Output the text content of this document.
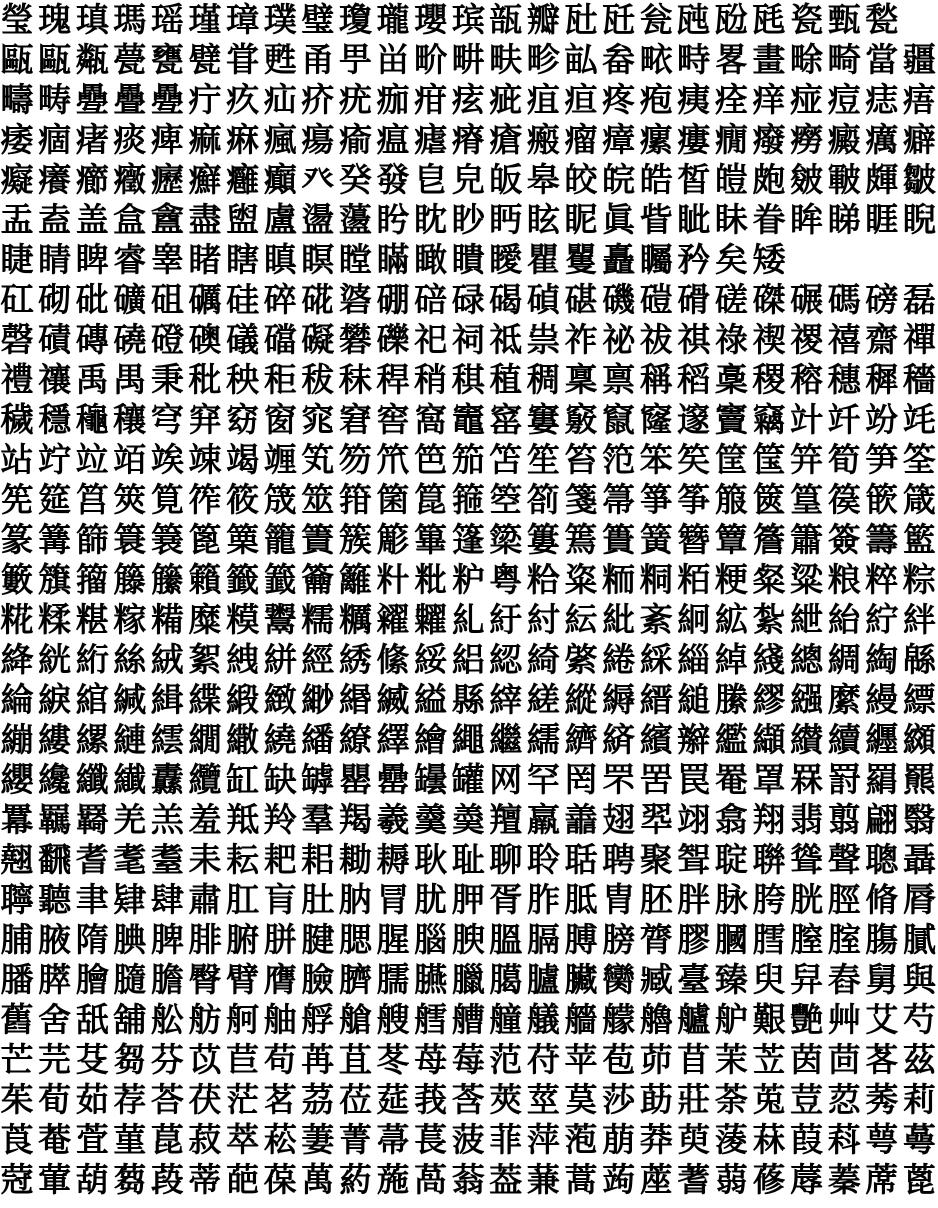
瑩 瑰 瑱 瑪 瑶 瑾 璋 璞 璧 瓊 瓏 瓔 瑸 瓿 瓣 瓧 瓩 瓮 瓲 瓰 瓱 瓷 甄 甃
甌 甌 甐 甍 甕 甓 甞 甦 甬 甼 畄 畍 畊 畉 畛 畆 畚 畩 畤 畧 畫 畭 畸 當 疆
疇 畴 疉 疊 疉 疔 疚 疝 疥 疣 痂 疳 痃 疵 疽 疸 疼 疱 痍 痊 痒 痖 痘 痣 痦
痿 痼 瘏 痰 痺 痲 痳 瘋 瘍 瘉 瘟 瘧 瘠 瘡 瘢 瘤 瘴 瘰 瘻 癇 癈 癆 癜 癘 癖
癡 癢 癤 癥 癧 癬 癰 癲 癶 癸 發 皀 皃 皈 皋 皎 皖 皓 皙 皚 皰 皴 皸 皹 皺
盂 盍 盖 盒 盦 盡 盥 盧 盪 蘯 盻 眈 眇 眄 眩 眤 眞 眥 眦 眛 眷 眸 睇 睚 睨
睫 睛 睥 睿 睾 睹 瞎 瞋 瞑 瞠 瞞 瞰 瞶 瞹 瞿 矍 矗 矚 矜 矣 矮
矼 砌 砒 礦 砠 礪 硅 碎 硴 碆 硼 碚 碌 碣 碵 碪 磯 磑 磆 磋 磔 碾 碼 磅 磊
磬 磧 磚 磽 磴 礇 礒 礑 礙 礬 礫 祀 祠 祗 祟 祚 祕 祓 祺 祿 禊 禝 禧 齋 禪
禮 禳 禹 禺 秉 秕 秧 秬 秡 秣 稈 稍 稘 稙 稠 稟 禀 稱 稻 稾 稷 穃 穗 穉 穡
穢 穩 龝 穰 穹 穽 窈 窗 窕 窘 窖 窩 竈 窰 窶 竅 竄 窿 邃 竇 竊 竍 竏 竕 竓
站 竚 竝 竡 竢 竦 竭 竰 笂 笏 笊 笆 笳 笘 笙 笞 笵 笨 笶 筐 筺 笄 筍 笋 筌
筅 筵 筥 筴 筧 筰 筱 筬 筮 箝 箘 箟 箍 箜 箚 箋 箒 箏 筝 箙 篋 篁 篌 篏 箴
篆 篝 篩 簑 簔 篦 篥 籠 簀 簇 簓 篳 篷 簗 簍 篶 簣 簧 簪 簟 簷 簫 簽 籌 籃
籔 籏 籀 籐 籘 籟 籤 籖 籥 籬 籵 粃 粐 粤 粭 粢 粫 粡 粨 粳 粲 粱 粮 粹 粽
糀 糅 糂 糘 糒 糜 糢 鬻 糯 糲 糴 糶 糺 紆 紂 紜 紕 紊 絅 絋 紮 紲 紿 紵 絆
絳 絖 絎 絲 絨 絮 絏 絣 經 綉 絛 綏 絽 綛 綺 綮 綣 綵 緇 綽 綫 總 綢 綯 緜
綸 綟 綰 緘 緝 緤 緞 緻 緲 緡 縅 縊 縣 縡 縒 縱 縟 縉 縋 縢 繆 繦 縻 縵 縹
繃 縷 縲 縺 繧 繝 繖 繞 繙 繚 繹 繪 繩 繼 繻 纃 緕 繽 辮 繿 纈 纉 續 纒 纐
纓 纔 纖 纎 纛 纜 缸 缺 罅 罌 罍 罎 罐 网 罕 罔 罘 罟 罠 罨 罩 罧 罸 羂 羆
羃 羈 羇 羌 羔 羞 羝 羚 羣 羯 羲 羹 羮 羶 羸 譱 翅 翆 翊 翕 翔 翡 翦 翩 翳
翹 飜 耆 耄 耋 耒 耘 耙 耜 耡 耨 耿 耻 聊 聆 聒 聘 聚 聟 聢 聨 聳 聲 聰 聶
聹 聽 聿 肄 肆 肅 肛 肓 肚 肭 冐 肬 胛 胥 胙 胝 胄 胚 胖 脉 胯 胱 脛 脩 脣
脯 腋 隋 腆 脾 腓 腑 胼 腱 腮 腥 腦 腴 膃 膈 膊 膀 膂 膠 膕 膤 膣 腟 膓 膩
膰 膵 膾 膸 膽 臀 臂 膺 臉 臍 臑 臙 臘 臈 臚 臟 臠 臧 臺 臻 臾 舁 舂 舅 與
舊 舍 舐 舖 舩 舫 舸 舳 艀 艙 艘 艝 艚 艟 艤 艢 艨 艪 艫 舮 艱 艷 艸 艾 芍
芒 芫 芟 芻 芬 苡 苣 苟 苒 苴 苳 苺 莓 范 苻 苹 苞 茆 苜 茉 苙 茵 茴 茖 茲
茱 荀 茹 荐 荅 茯 茫 茗 茘 莅 莚 莪 莟 莢 莖 茣 莎 莇 莊 荼 莵 荳 荵 莠 莉
莨 菴 萓 菫 菎 菽 萃 菘 萋 菁 菷 萇 菠 菲 萍 萢 萠 莽 萸 蔆 菻 葭 萪 萼 蕚
蒄 葷 葫 蒭 葮 蒂 葩 葆 萬 葯 葹 萵 蓊 葢 蒹 蒿 蒟 蓙 蓍 蒻 蓚 蓐 蓁 蓆 蓖
